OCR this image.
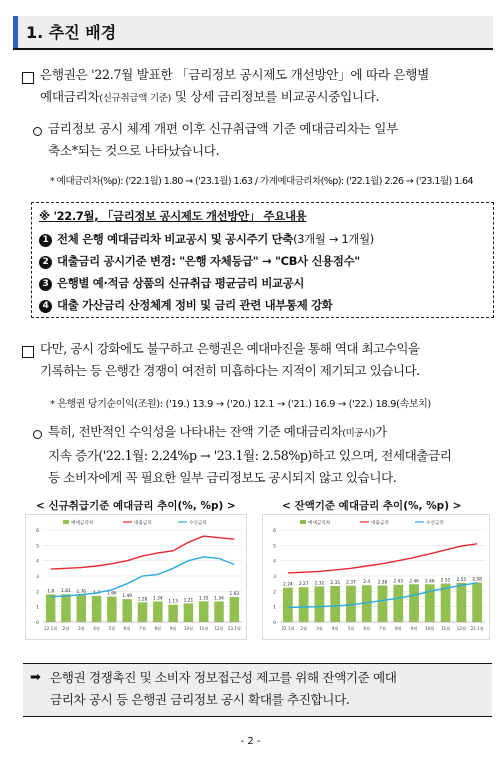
1. 추진 배경
은행권은 '22.7월 발표한 「금리정보 공시제도 개선방안」에 따라 은행별
예대금리차(신규취급액 기준) 및 상세 금리정보를 비교공시중입니다.
금리정보 공시 체계 개편 이후 신규취급액 기준 예대금리차는 일부
축소*되는 것으로 나타났습니다.
* 예대금리차(%p): ('22.1월) 1.80 → ('23.1월) 1.63 / 가계예대금리차(%p): ('22.1월) 2.26 → ('23.1월) 1.64
※ '22.7월, 「금리정보 공시제도 개선방안」 주요내용
1 전체 은행 예대금리차 비교공시 및 공시주기 단축(3개월 → 1개월)
2 대출금리 공시기준 변경: "은행 자체등급" → "CB사 신용점수"
3 은행별 예·적금 상품의 신규취급 평균금리 비교공시
4 대출 가산금리 산정체계 정비 및 금리 관련 내부통제 강화
다만, 공시 강화에도 불구하고 은행권은 예대마진을 통해 역대 최고수익을
기록하는 등 은행간 경쟁이 여전히 미흡하다는 지적이 제기되고 있습니다.
* 은행권 당기순이익(조원): ('19.) 13.9 → ('20.) 12.1 → ('21.) 16.9 → ('22.) 18.9(속보치)
특히, 전반적인 수익성을 나타내는 잔액 기준 예대금리차(미공시)가
지속 증가('22.1월: 2.24%p → '23.1월: 2.58%p)하고 있으며, 전세대출금리
등 소비자에게 꼭 필요한 일부 금리정보도 공시되지 않고 있습니다.
< 신규취급기준 예대금리 추이(%, %p) >	< 잔액기준 예대금리 추이(%, %p) >
0
1
2
3
4
5
6
예대금리차	대출금리	수신금리
1.8
22.1월
1.81
2월
1.76
3월
1.7
4월
1.66
5월
1.49
6월
1.28
7월
1.34
8월
1.13
9월
1.21
10월
1.35
11월
1.34
12월
1.63
23.1월
0
1
2
3
4
5
6
예대금리차	대출금리	수신금리
2.24
22.1월
2.27
2월
2.32
3월
2.35
4월
2.37
5월
2.4
6월
2.38
7월
2.43
8월
2.46
9월
2.46
10월
2.51
11월
2.55
12월
2.58
23.1월
➡ 은행권 경쟁촉진 및 소비자 정보접근성 제고를 위해 잔액기준 예대
금리차 공시 등 은행권 금리정보 공시 확대를 추진합니다.
- 2 -
